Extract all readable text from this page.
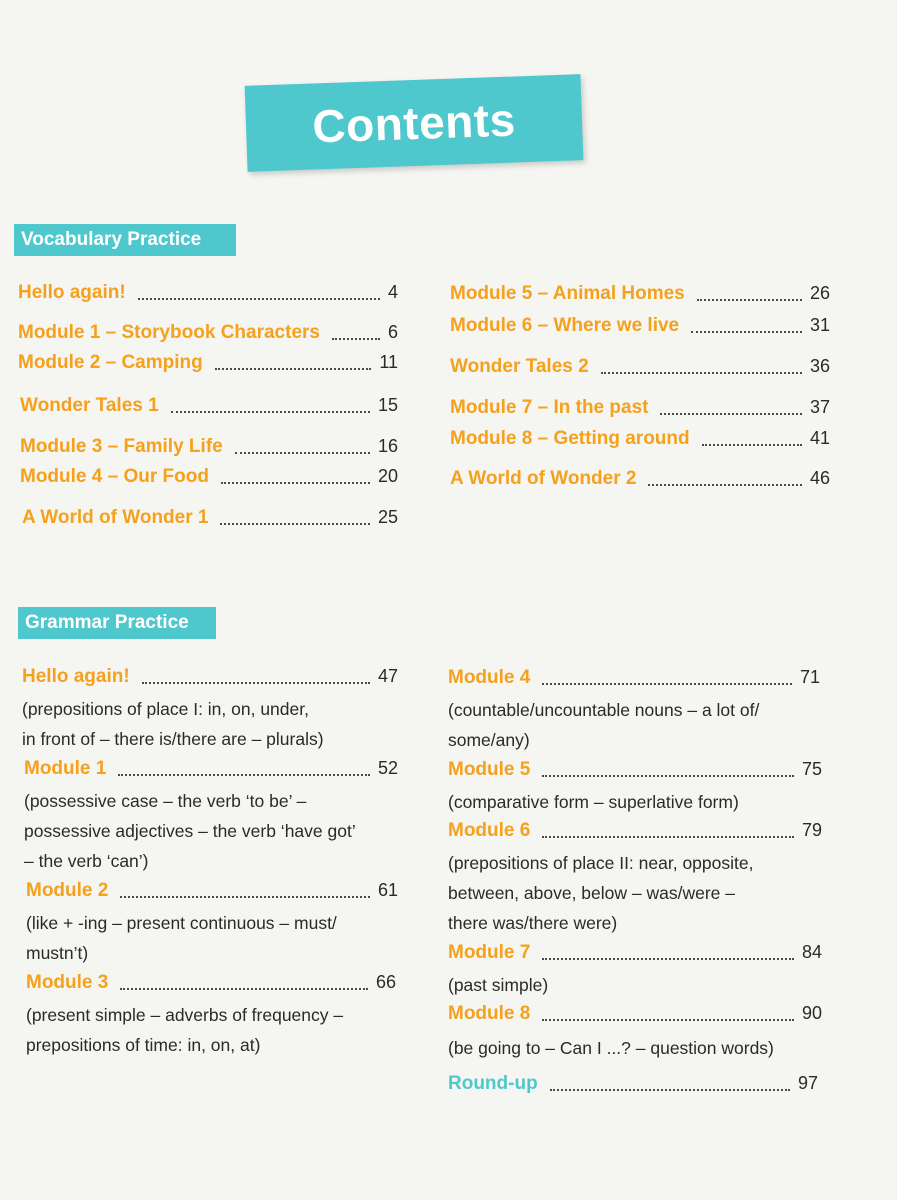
Contents
Vocabulary Practice
Hello again!	4
Module 1 – Storybook Characters	6
Module 2 – Camping	11
Wonder Tales 1	15
Module 3 – Family Life	16
Module 4 – Our Food	20
A World of Wonder 1	25
Module 5 – Animal Homes	26
Module 6 – Where we live	31
Wonder Tales 2	36
Module 7 – In the past	37
Module 8 – Getting around	41
A World of Wonder 2	46
Grammar Practice
Hello again!	47
(prepositions of place I: in, on, under,
in front of – there is/there are – plurals)
Module 1	52
(possessive case – the verb ‘to be’ –
possessive adjectives – the verb ‘have got’
– the verb ‘can’)
Module 2	61
(like + -ing – present continuous – must/
mustn’t)
Module 3	66
(present simple – adverbs of frequency –
prepositions of time: in, on, at)
Module 4	71
(countable/uncountable nouns – a lot of/
some/any)
Module 5	75
(comparative form – superlative form)
Module 6	79
(prepositions of place II: near, opposite,
between, above, below – was/were –
there was/there were)
Module 7	84
(past simple)
Module 8	90
(be going to – Can I ...? – question words)
Round-up	97
